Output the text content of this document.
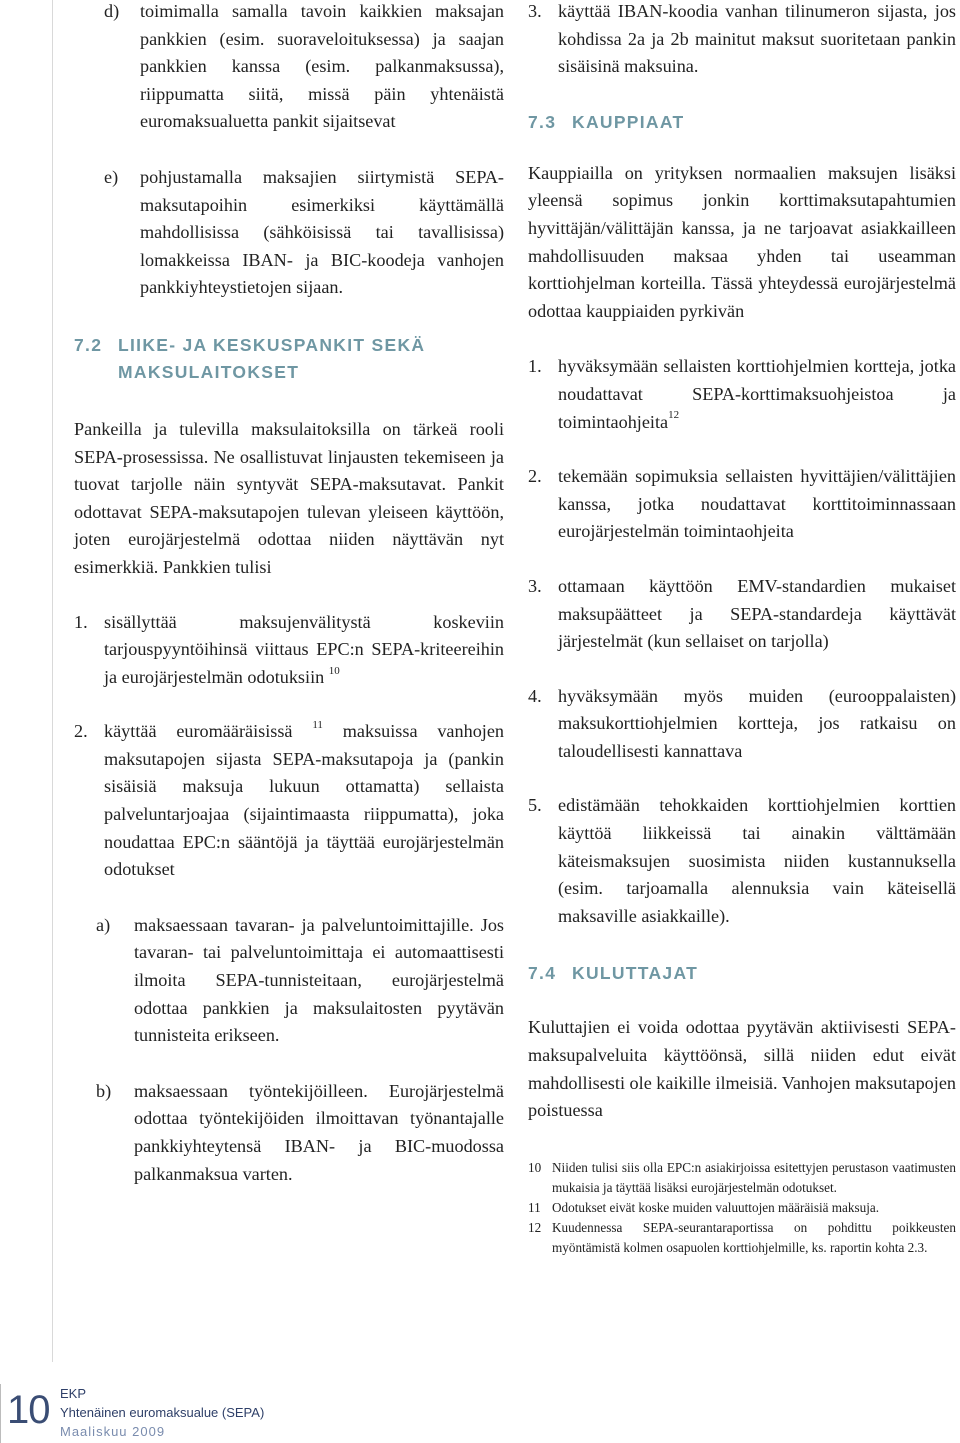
d)	toimimalla samalla tavoin kaikkien maksajan pankkien (esim. suoraveloituksessa) ja saajan pankkien kanssa (esim. palkanmaksussa), riippumatta siitä, missä päin yhtenäistä euromaksualuetta pankit sijaitsevat
e)	pohjustamalla maksajien siirtymistä SEPA-maksutapoihin esimerkiksi käyttämällä mahdollisissa (sähköisissä tai tavallisissa) lomakkeissa IBAN- ja BIC-koodeja vanhojen pankkiyhteystietojen sijaan.
7.2 LIIKE- JA KESKUSPANKIT SEKÄ MAKSULAITOKSET

Pankeilla ja tulevilla maksulaitoksilla on tärkeä rooli SEPA-prosessissa. Ne osallistuvat linjausten tekemiseen ja tuovat tarjolle näin syntyvät SEPA-maksutavat. Pankit odottavat SEPA-maksutapojen tulevan yleiseen käyttöön, joten eurojärjestelmä odottaa niiden näyttävän nyt esimerkkiä. Pankkien tulisi

1. sisällyttää maksujenvälitystä koskeviin tarjouspyyntöihinsä viittaus EPC:n SEPA-kriteereihin ja eurojärjestelmän odotuksiin $^{10}$
2. käyttää euromääräisissä $^{11}$ maksuissa vanhojen maksutapojen sijasta SEPA-maksutapoja ja (pankin sisäisiä maksuja lukuun ottamatta) sellaista palveluntarjoajaa (sijaintimaasta riippumatta), joka noudattaa EPC:n sääntöjä ja täyttää eurojärjestelmän odotukset
a)	maksaessaan tavaran- ja palveluntoimittajille. Jos tavaran- tai palveluntoimittaja ei automaattisesti ilmoita SEPA-tunnisteitaan, eurojärjestelmä odottaa pankkien ja maksulaitosten pyytävän tunnisteita erikseen.
b)	maksaessaan työntekijöilleen. Eurojärjestelmä odottaa työntekijöiden ilmoittavan työnantajalle pankkiyhteytensä IBAN- ja BIC-muodossa palkanmaksua varten.
3. käyttää IBAN-koodia vanhan tilinumeron sijasta, jos kohdissa 2a ja 2b mainitut maksut suoritetaan pankin sisäisinä maksuina.
7.3 KAUPPIAAT

Kauppiailla on yrityksen normaalien maksujen lisäksi yleensä sopimus jonkin korttimaksutapahtumien hyvittäjän/välittäjän kanssa, ja ne tarjoavat asiakkailleen mahdollisuuden maksaa yhden tai useamman korttiohjelman korteilla. Tässä yhteydessä eurojärjestelmä odottaa kauppiaiden pyrkivän

1. hyväksymään sellaisten korttiohjelmien kortteja, jotka noudattavat SEPA-korttimaksuohjeistoa ja toimintaohjeita$^{12}$
2. tekemään sopimuksia sellaisten hyvittäjien/välittäjien kanssa, jotka noudattavat korttitoiminnassaan eurojärjestelmän toimintaohjeita
3. ottamaan käyttöön EMV-standardien mukaiset maksupäätteet ja SEPA-standardeja käyttävät järjestelmät (kun sellaiset on tarjolla)
4. hyväksymään myös muiden (eurooppalaisten) maksukorttiohjelmien kortteja, jos ratkaisu on taloudellisesti kannattava
5. edistämään tehokkaiden korttiohjelmien korttien käyttöä liikkeissä tai ainakin välttämään käteismaksujen suosimista niiden kustannuksella (esim. tarjoamalla alennuksia vain käteisellä maksaville asiakkaille).
7.4 KULUTTAJAT

Kuluttajien ei voida odottaa pyytävän aktiivisesti SEPA-maksupalveluita käyttöönsä, sillä niiden edut eivät mahdollisesti ole kaikille ilmeisiä. Vanhojen maksutapojen poistuessa

10 Niiden tulisi siis olla EPC:n asiakirjoissa esitettyjen perustason vaatimusten mukaisia ja täyttää lisäksi eurojärjestelmän odotukset.
11 Odotukset eivät koske muiden valuuttojen määräisiä maksuja.
12 Kuudennessa SEPA-seurantaraportissa on pohdittu poikkeusten myöntämistä kolmen osapuolen korttiohjelmille, ks. raportin kohta 2.3.
10 EKP
Yhtenäinen euromaksualue (SEPA)
Maaliskuu 2009
